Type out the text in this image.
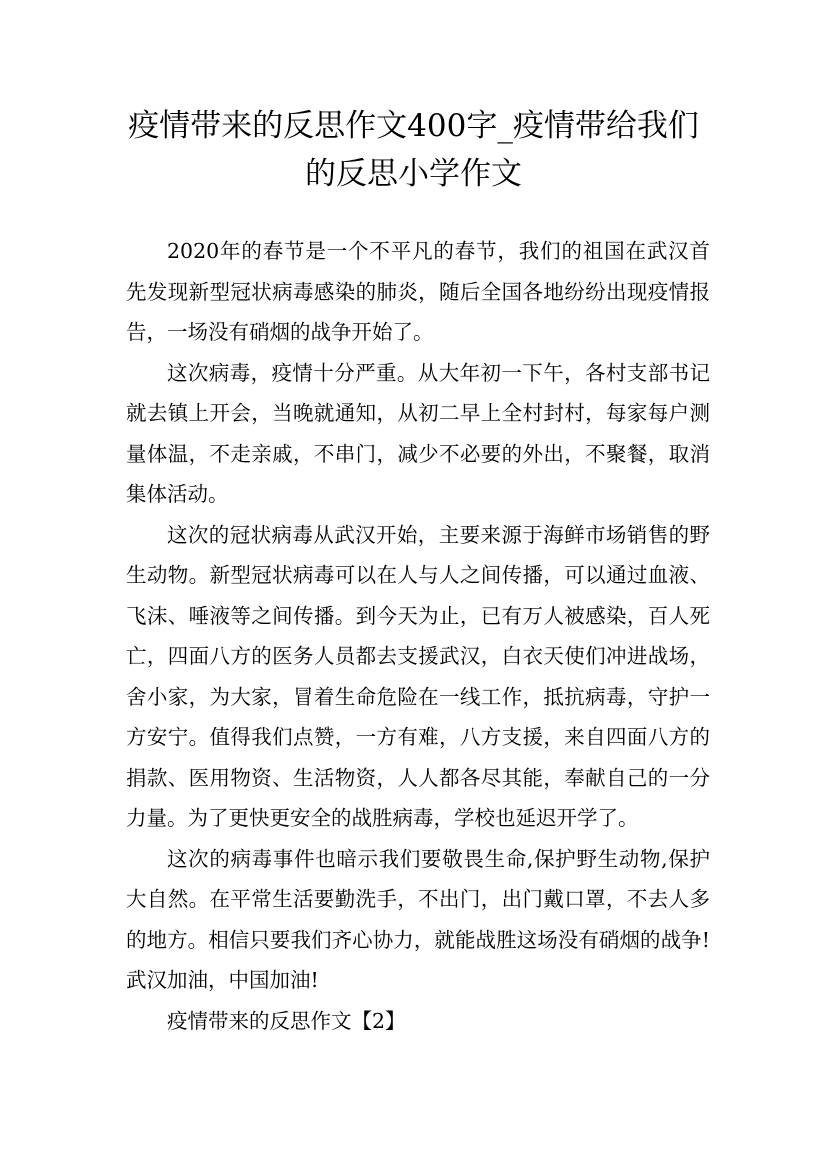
疫情带来的反思作文400字_疫情带给我们的反思小学作文

2020年的春节是一个不平凡的春节，我们的祖国在武汉首先发现新型冠状病毒感染的肺炎，随后全国各地纷纷出现疫情报告，一场没有硝烟的战争开始了。

这次病毒，疫情十分严重。从大年初一下午，各村支部书记就去镇上开会，当晚就通知，从初二早上全村封村，每家每户测量体温，不走亲戚，不串门，减少不必要的外出，不聚餐，取消集体活动。

这次的冠状病毒从武汉开始，主要来源于海鲜市场销售的野生动物。新型冠状病毒可以在人与人之间传播，可以通过血液、飞沫、唾液等之间传播。到今天为止，已有万人被感染，百人死亡，四面八方的医务人员都去支援武汉，白衣天使们冲进战场，舍小家，为大家，冒着生命危险在一线工作，抵抗病毒，守护一方安宁。值得我们点赞，一方有难，八方支援，来自四面八方的捐款、医用物资、生活物资，人人都各尽其能，奉献自己的一分力量。为了更快更安全的战胜病毒，学校也延迟开学了。

这次的病毒事件也暗示我们要敬畏生命,保护野生动物,保护大自然。在平常生活要勤洗手，不出门，出门戴口罩，不去人多的地方。相信只要我们齐心协力，就能战胜这场没有硝烟的战争!武汉加油，中国加油!

疫情带来的反思作文【2】
